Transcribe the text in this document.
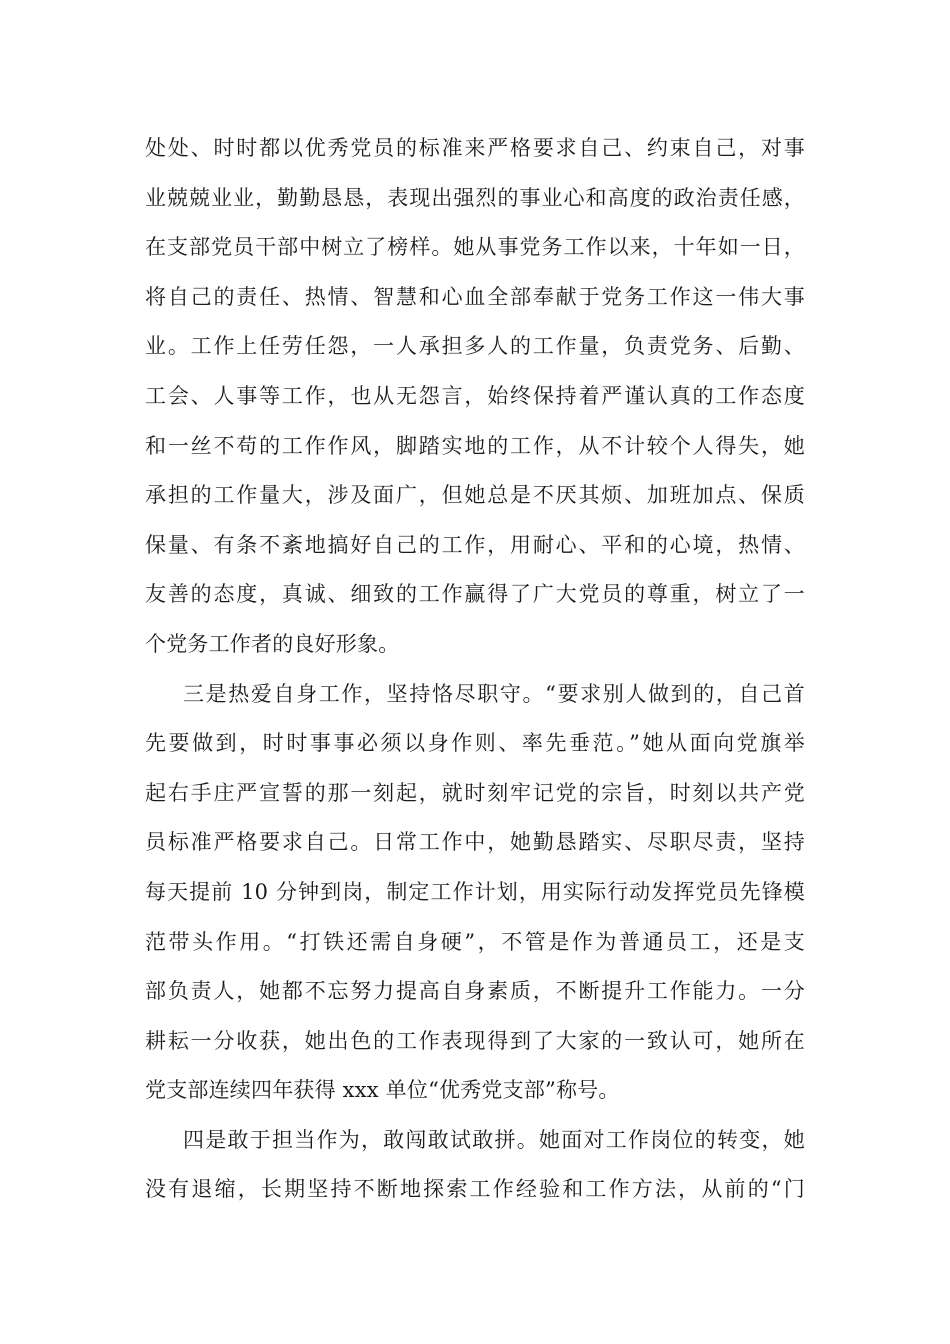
处处、时时都以优秀党员的标准来严格要求自己、约束自己，对事
业兢兢业业，勤勤恳恳，表现出强烈的事业心和高度的政治责任感，
在支部党员干部中树立了榜样。她从事党务工作以来，十年如一日，
将自己的责任、热情、智慧和心血全部奉献于党务工作这一伟大事
业。工作上任劳任怨，一人承担多人的工作量，负责党务、后勤、
工会、人事等工作，也从无怨言，始终保持着严谨认真的工作态度
和一丝不苟的工作作风，脚踏实地的工作，从不计较个人得失，她
承担的工作量大，涉及面广，但她总是不厌其烦、加班加点、保质
保量、有条不紊地搞好自己的工作，用耐心、平和的心境，热情、
友善的态度，真诚、细致的工作赢得了广大党员的尊重，树立了一
个党务工作者的良好形象。
三是热爱自身工作，坚持恪尽职守。“要求别人做到的，自己首
先要做到，时时事事必须以身作则、率先垂范。”她从面向党旗举
起右手庄严宣誓的那一刻起，就时刻牢记党的宗旨，时刻以共产党
员标准严格要求自己。日常工作中，她勤恳踏实、尽职尽责，坚持
每天提前 10 分钟到岗，制定工作计划，用实际行动发挥党员先锋模
范带头作用。“打铁还需自身硬”，不管是作为普通员工，还是支
部负责人，她都不忘努力提高自身素质，不断提升工作能力。一分
耕耘一分收获，她出色的工作表现得到了大家的一致认可，她所在
党支部连续四年获得 xxx 单位“优秀党支部”称号。
四是敢于担当作为，敢闯敢试敢拼。她面对工作岗位的转变，她
没有退缩，长期坚持不断地探索工作经验和工作方法，从前的“门
